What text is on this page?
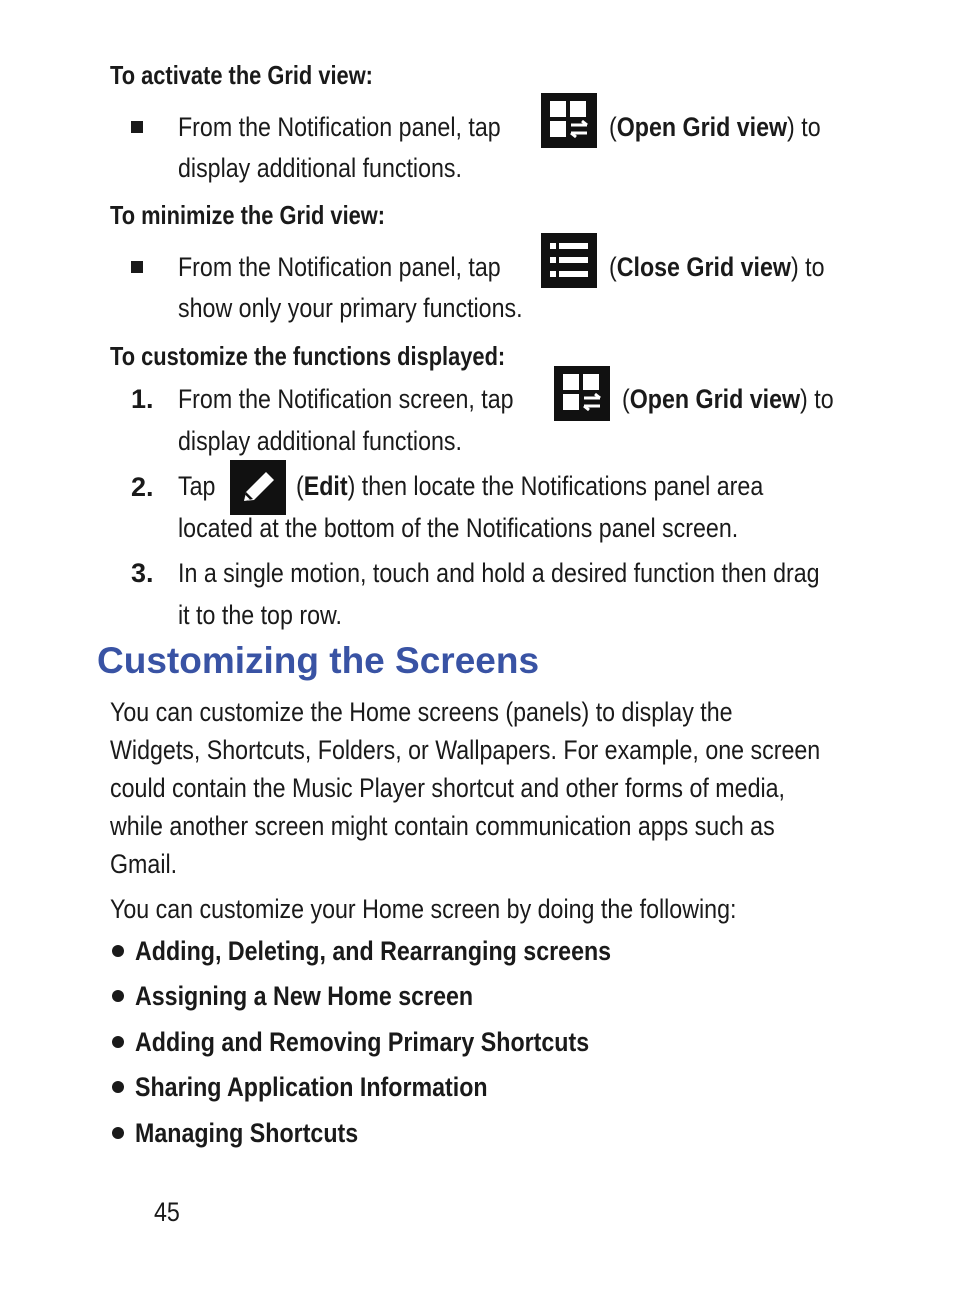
To activate the Grid view:
From the Notification panel, tap	(Open Grid view) to
display additional functions.
To minimize the Grid view:
From the Notification panel, tap	(Close Grid view) to
show only your primary functions.
To customize the functions displayed:
1. From the Notification screen, tap	(Open Grid view) to
display additional functions.
2. Tap	(Edit) then locate the Notifications panel area
located at the bottom of the Notifications panel screen.
3. In a single motion, touch and hold a desired function then drag
it to the top row.
Customizing the Screens
You can customize the Home screens (panels) to display the
Widgets, Shortcuts, Folders, or Wallpapers. For example, one screen
could contain the Music Player shortcut and other forms of media,
while another screen might contain communication apps such as
Gmail.
You can customize your Home screen by doing the following:
Adding, Deleting, and Rearranging screens
Assigning a New Home screen
Adding and Removing Primary Shortcuts
Sharing Application Information
Managing Shortcuts
45
